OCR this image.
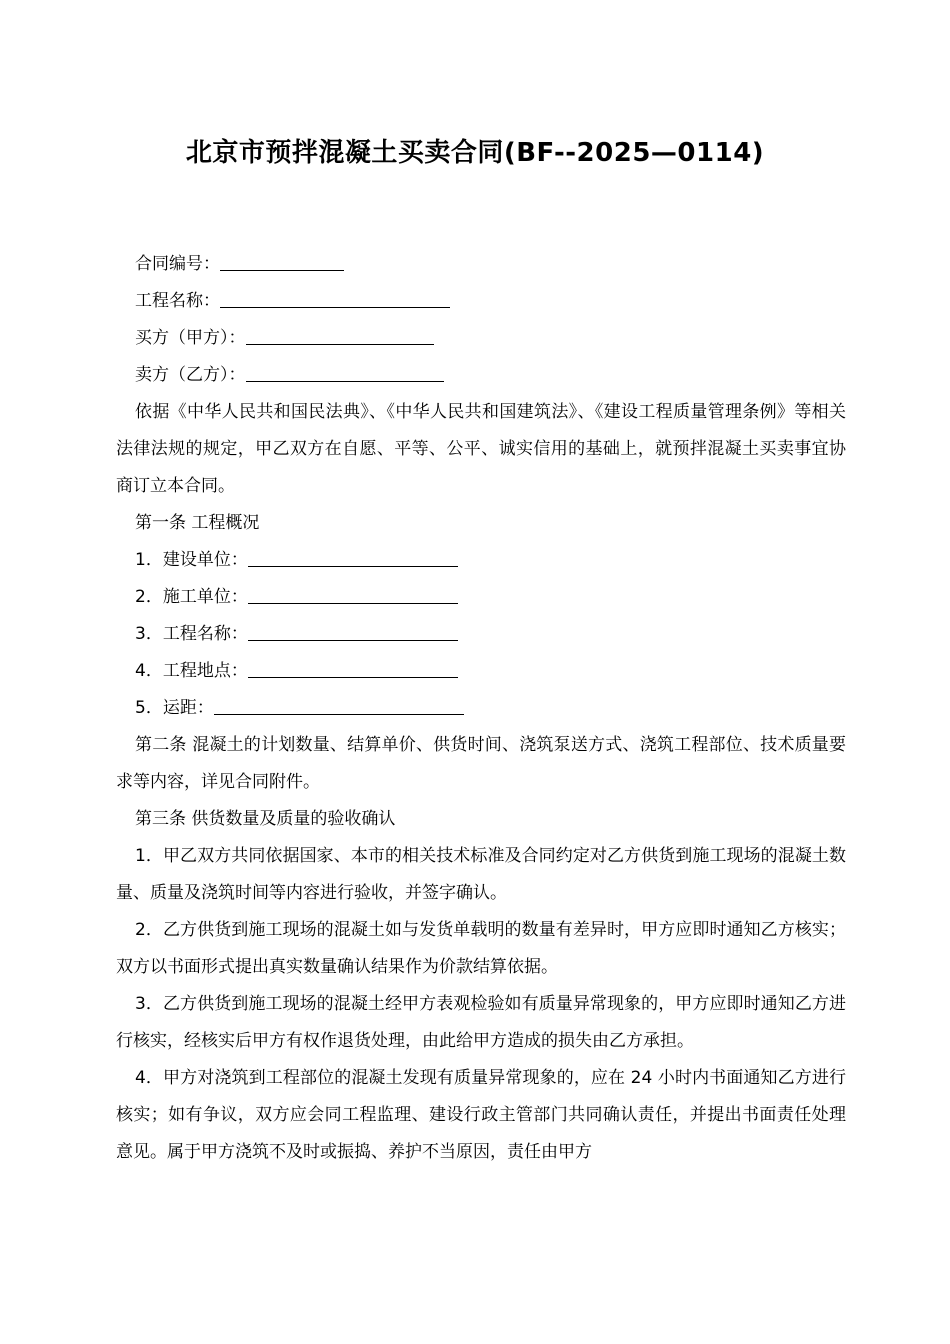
北京市预拌混凝土买卖合同(BF--2025—0114)

合同编号：

工程名称：

买方（甲方）：

卖方（乙方）：

依据《中华人民共和国民法典》、《中华人民共和国建筑法》、《建设工程质量管理条例》等相关法律法规的规定，甲乙双方在自愿、平等、公平、诚实信用的基础上，就预拌混凝土买卖事宜协商订立本合同。

第一条 工程概况

1．建设单位：

2．施工单位：

3．工程名称：

4．工程地点：

5．运距：

第二条 混凝土的计划数量、结算单价、供货时间、浇筑泵送方式、浇筑工程部位、技术质量要求等内容，详见合同附件。

第三条 供货数量及质量的验收确认

1．甲乙双方共同依据国家、本市的相关技术标准及合同约定对乙方供货到施工现场的混凝土数量、质量及浇筑时间等内容进行验收，并签字确认。

2．乙方供货到施工现场的混凝土如与发货单载明的数量有差异时，甲方应即时通知乙方核实；双方以书面形式提出真实数量确认结果作为价款结算依据。

3．乙方供货到施工现场的混凝土经甲方表观检验如有质量异常现象的，甲方应即时通知乙方进行核实，经核实后甲方有权作退货处理，由此给甲方造成的损失由乙方承担。

4．甲方对浇筑到工程部位的混凝土发现有质量异常现象的，应在 24 小时内书面通知乙方进行核实；如有争议，双方应会同工程监理、建设行政主管部门共同确认责任，并提出书面责任处理意见。属于甲方浇筑不及时或振捣、养护不当原因，责任由甲方
